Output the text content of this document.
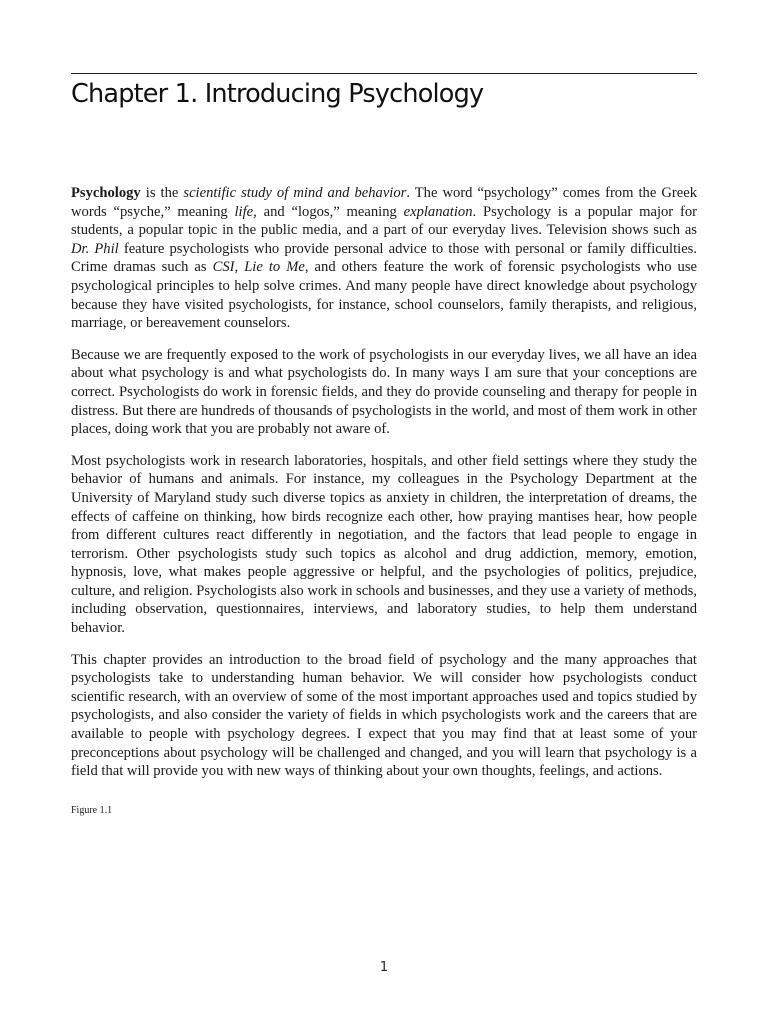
Chapter 1. Introducing Psychology

Psychology is the scientific study of mind and behavior. The word “psychology” comes from the Greek words “psyche,” meaning life, and “logos,” meaning explanation. Psychology is a popular major for students, a popular topic in the public media, and a part of our everyday lives. Television shows such as Dr. Phil feature psychologists who provide personal advice to those with personal or family difficulties. Crime dramas such as CSI, Lie to Me, and others feature the work of forensic psychologists who use psychological principles to help solve crimes. And many people have direct knowledge about psychology because they have visited psychologists, for instance, school counselors, family therapists, and religious, marriage, or bereavement counselors.

Because we are frequently exposed to the work of psychologists in our everyday lives, we all have an idea about what psychology is and what psychologists do. In many ways I am sure that your conceptions are correct. Psychologists do work in forensic fields, and they do provide counseling and therapy for people in distress. But there are hundreds of thousands of psychologists in the world, and most of them work in other places, doing work that you are probably not aware of.

Most psychologists work in research laboratories, hospitals, and other field settings where they study the behavior of humans and animals. For instance, my colleagues in the Psychology Department at the University of Maryland study such diverse topics as anxiety in children, the interpretation of dreams, the effects of caffeine on thinking, how birds recognize each other, how praying mantises hear, how people from different cultures react differently in negotiation, and the factors that lead people to engage in terrorism. Other psychologists study such topics as alcohol and drug addiction, memory, emotion, hypnosis, love, what makes people aggressive or helpful, and the psychologies of politics, prejudice, culture, and religion. Psychologists also work in schools and businesses, and they use a variety of methods, including observation, questionnaires, interviews, and laboratory studies, to help them understand behavior.

This chapter provides an introduction to the broad field of psychology and the many approaches that psychologists take to understanding human behavior. We will consider how psychologists conduct scientific research, with an overview of some of the most important approaches used and topics studied by psychologists, and also consider the variety of fields in which psychologists work and the careers that are available to people with psychology degrees. I expect that you may find that at least some of your preconceptions about psychology will be challenged and changed, and you will learn that psychology is a field that will provide you with new ways of thinking about your own thoughts, feelings, and actions.

Figure 1.1
1
